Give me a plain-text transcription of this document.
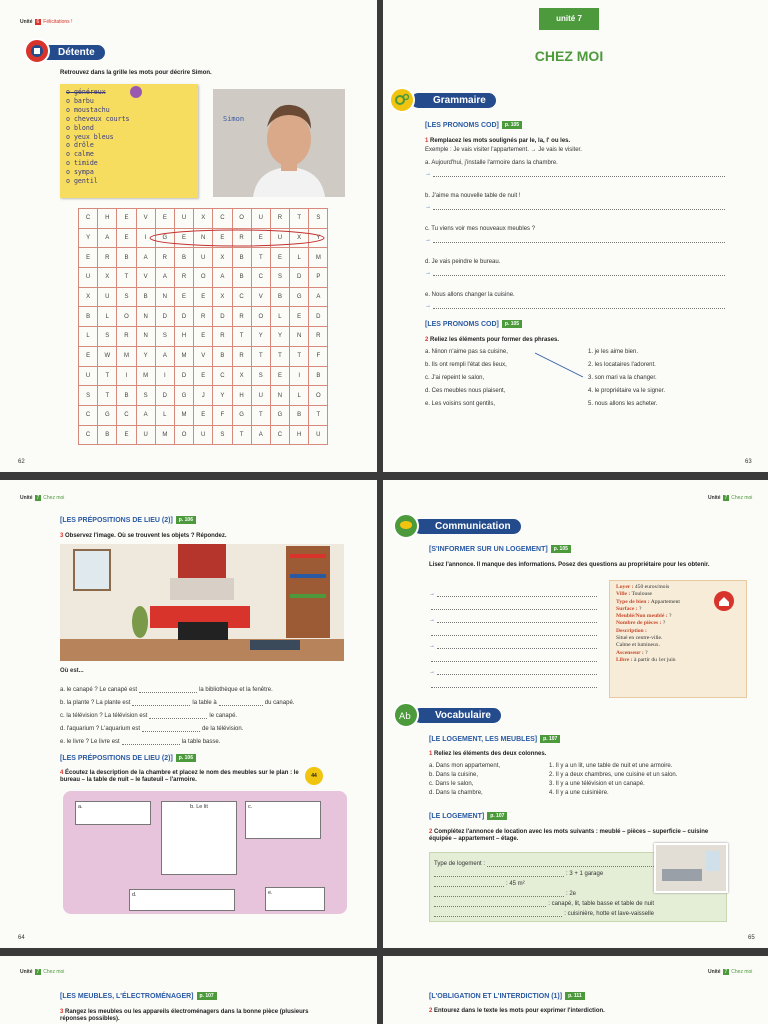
Unité 6 Félicitations !
Détente
Retrouvez dans la grille les mots pour décrire Simon.
o généreux
o barbu
o moustachu
o cheveux courts
o blond
o yeux bleus
o drôle
o calme
o timide
o sympa
o gentil
Simon
C	H	E	V	E	U	X	C	O	U	R	T	S
Y	A	E	I	G	E	N	E	R	E	U	X	Y
E	R	B	A	R	B	U	X	B	T	E	L	M
U	X	T	V	A	R	O	A	B	C	S	D	P
X	U	S	B	N	E	E	X	C	V	B	G	A
B	L	O	N	D	D	R	D	R	O	L	E	D
L	S	R	N	S	H	E	R	T	Y	Y	N	R
E	W	M	Y	A	M	V	B	R	T	T	T	F
U	T	I	M	I	D	E	C	X	S	E	I	B
S	T	B	S	D	G	J	Y	H	U	N	L	O
C	G	C	A	L	M	E	F	G	T	G	B	T
C	B	E	U	M	O	U	S	T	A	C	H	U
62
unité 7
CHEZ MOI
Grammaire
[LES PRONOMS COD] p. 105
1 Remplacez les mots soulignés par le, la, l' ou les.
Exemple : Je vais visiter l'appartement. → Je vais le visiter.
a. Aujourd'hui, j'installe l'armoire dans la chambre.
→
b. J'aime ma nouvelle table de nuit !
→
c. Tu viens voir mes nouveaux meubles ?
→
d. Je vais peindre le bureau.
→
e. Nous allons changer la cuisine.
→
[LES PRONOMS COD] p. 105
2 Reliez les éléments pour former des phrases.
a. Ninon n'aime pas sa cuisine,
b. Ils ont rempli l'état des lieux,
c. J'ai repeint le salon,
d. Ces meubles nous plaisent,
e. Les voisins sont gentils,
1. je les aime bien.
2. les locataires l'adorent.
3. son mari va la changer.
4. le propriétaire va le signer.
5. nous allons les acheter.
63
Unité 7 Chez moi
[LES PRÉPOSITIONS DE LIEU (2)] p. 106
3 Observez l'image. Où se trouvent les objets ? Répondez.
Où est...
a. le canapé ? Le canapé est	la bibliothèque et la fenêtre.
b. la plante ? La plante est	la table à	du canapé.
c. la télévision ? La télévision est	le canapé.
d. l'aquarium ? L'aquarium est	de la télévision.
e. le livre ? Le livre est	la table basse.
[LES PRÉPOSITIONS DE LIEU (2)] p. 106
4 Écoutez la description de la chambre et placez le nom des meubles sur le plan : le bureau – la table de nuit – le fauteuil – l'armoire.
44
a.	b. Le lit	c.
d.	e.
64
Unité 7 Chez moi
Communication
[S'INFORMER SUR UN LOGEMENT] p. 105
Lisez l'annonce. Il manque des informations. Posez des questions au propriétaire pour les obtenir.
→
→
→
→
Loyer : 450 euros/mois
Ville : Toulouse
Type de bien : Appartement
Surface : ?
Meublé/Non meublé : ?
Nombre de pièces : ?
Description :
Situé en centre-ville.
Calme et lumineux.
Ascenseur : ?
Libre : à partir du 1er juin
Vocabulaire
Ab
[LE LOGEMENT, LES MEUBLES] p. 107
1 Reliez les éléments des deux colonnes.
a. Dans mon appartement,
b. Dans la cuisine,
c. Dans le salon,
d. Dans la chambre,
1. Il y a un lit, une table de nuit et une armoire.
2. Il y a deux chambres, une cuisine et un salon.
3. Il y a une télévision et un canapé.
4. Il y a une cuisinière.
[LE LOGEMENT] p. 107
2 Complétez l'annonce de location avec les mots suivants : meublé – pièces – superficie – cuisine équipée – appartement – étage.
Type de logement :
: 3 + 1 garage
: 45 m²
: 2e
: canapé, lit, table basse et table de nuit
: cuisinière, hotte et lave-vaisselle
65
Unité 7 Chez moi
[LES MEUBLES, L'ÉLECTROMÉNAGER] p. 107
3 Rangez les meubles ou les appareils électroménagers dans la bonne pièce (plusieurs réponses possibles).
Unité 7 Chez moi
[L'OBLIGATION ET L'INTERDICTION (1)] p. 111
2 Entourez dans le texte les mots pour exprimer l'interdiction.
